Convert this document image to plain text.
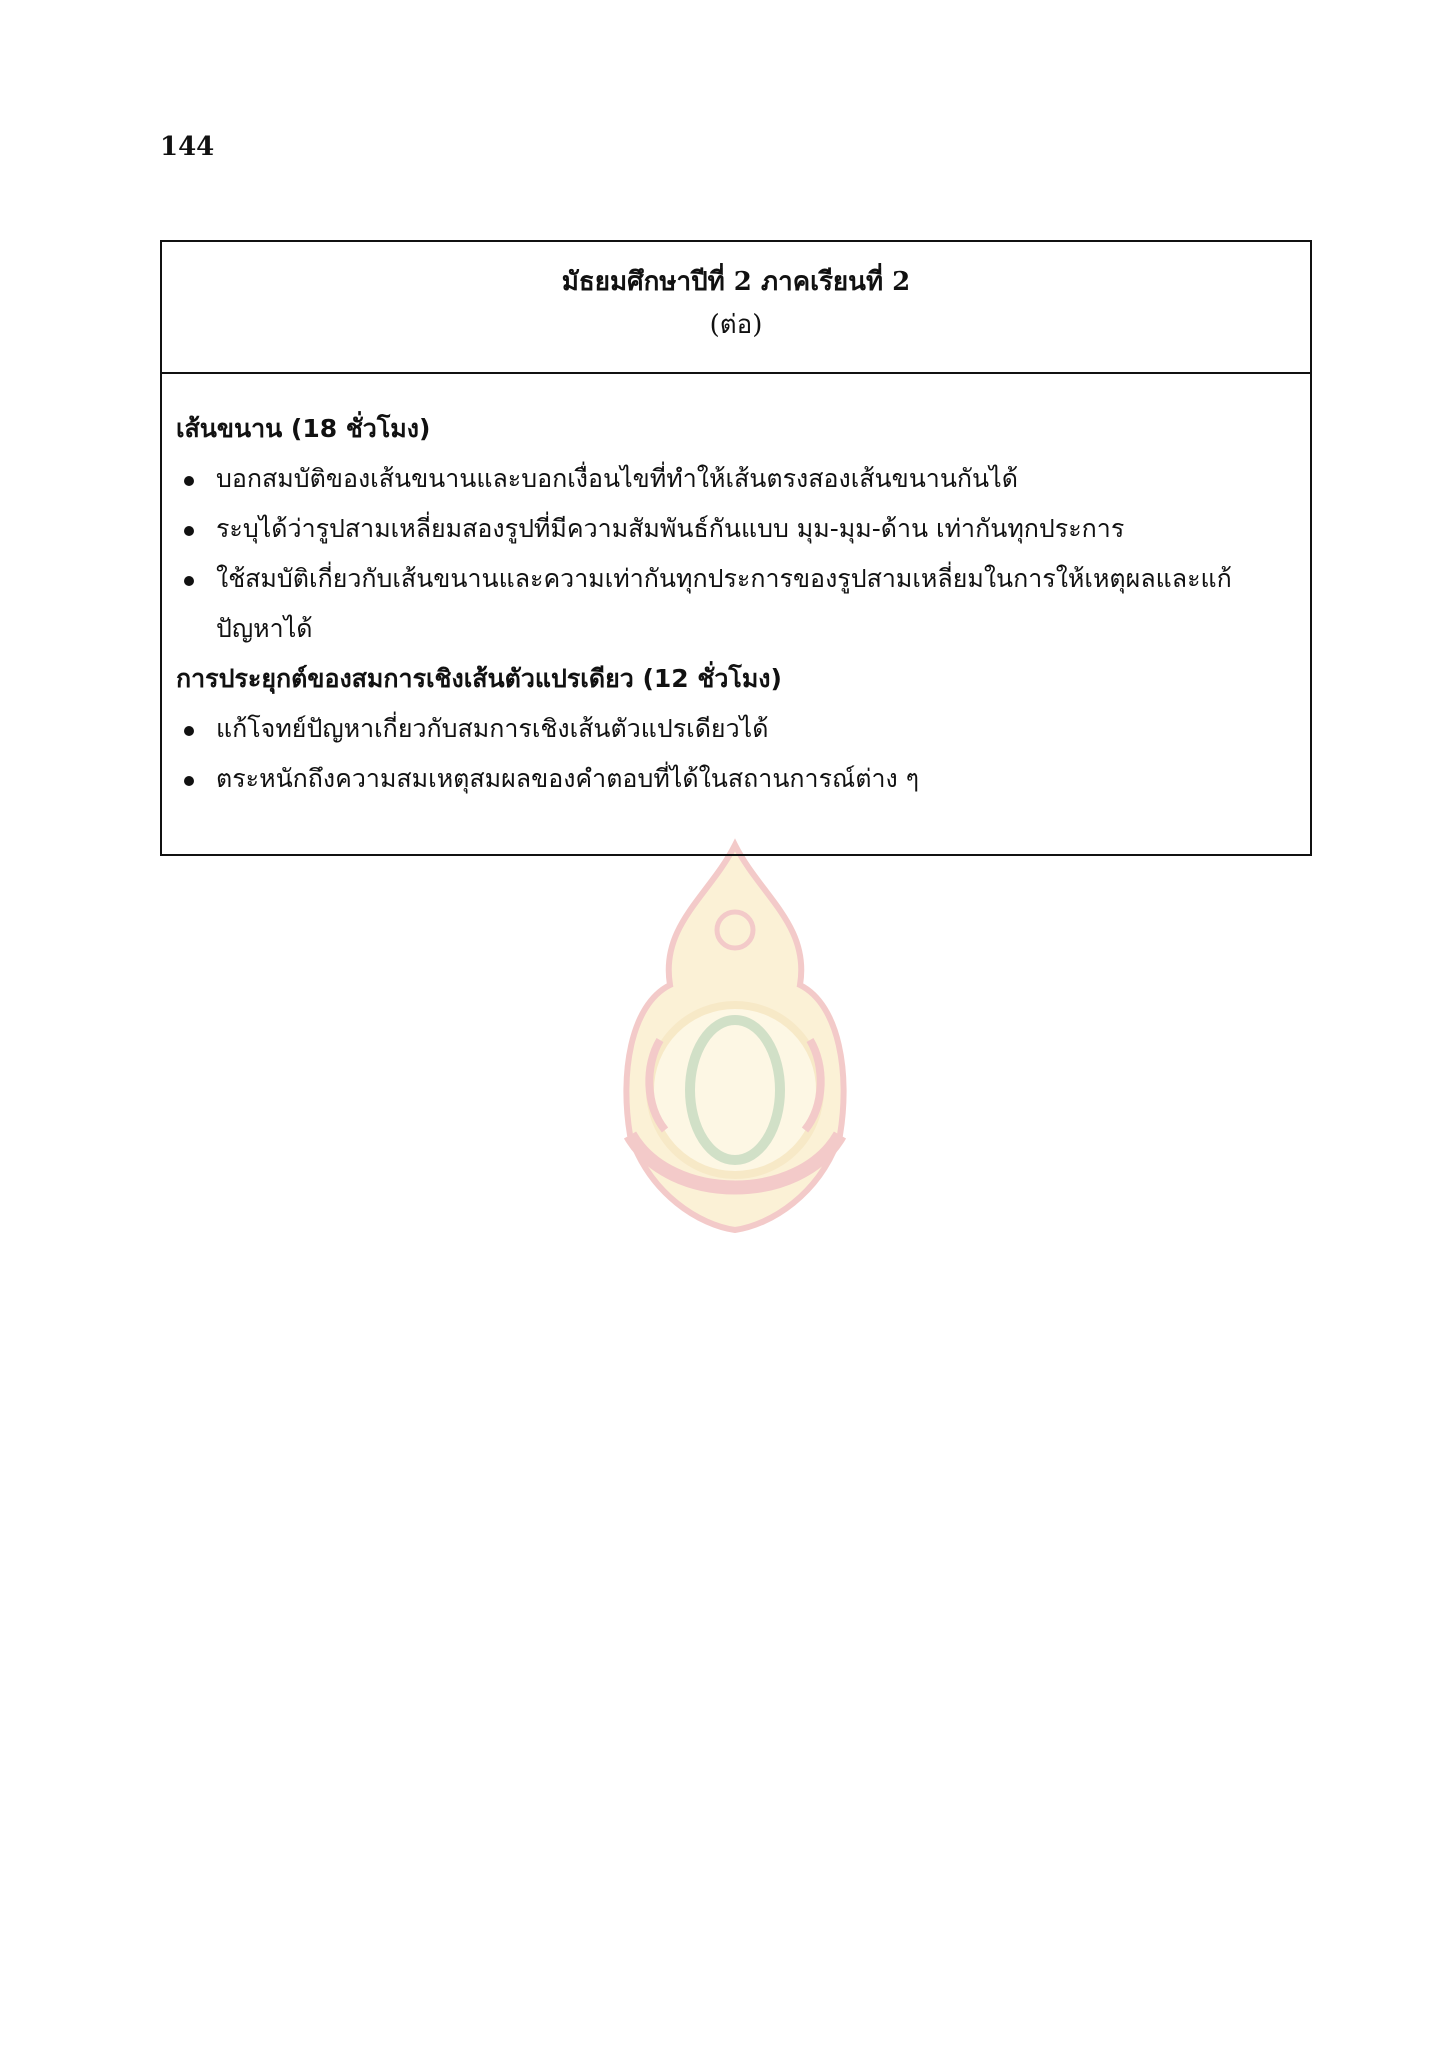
144
มัธยมศึกษาปีที่ 2 ภาคเรียนที่ 2
(ต่อ)
เส้นขนาน (18 ชั่วโมง)
บอกสมบัติของเส้นขนานและบอกเงื่อนไขที่ทำให้เส้นตรงสองเส้นขนานกันได้
ระบุได้ว่ารูปสามเหลี่ยมสองรูปที่มีความสัมพันธ์กันแบบ มุม-มุม-ด้าน เท่ากันทุกประการ
ใช้สมบัติเกี่ยวกับเส้นขนานและความเท่ากันทุกประการของรูปสามเหลี่ยมในการให้เหตุผลและแก้ปัญหาได้
การประยุกต์ของสมการเชิงเส้นตัวแปรเดียว (12 ชั่วโมง)
แก้โจทย์ปัญหาเกี่ยวกับสมการเชิงเส้นตัวแปรเดียวได้
ตระหนักถึงความสมเหตุสมผลของคำตอบที่ได้ในสถานการณ์ต่าง ๆ
